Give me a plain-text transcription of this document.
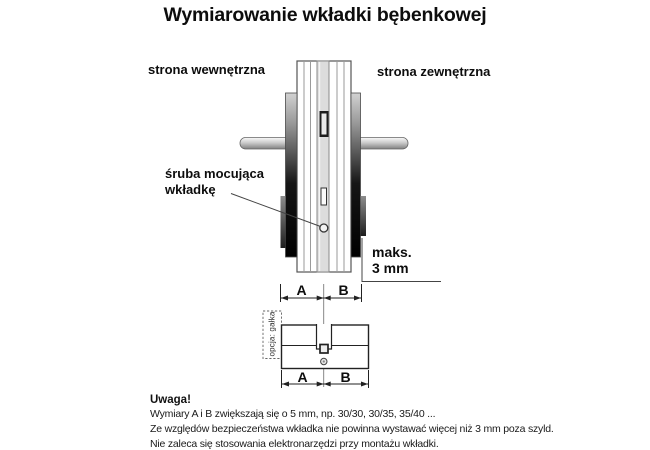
Wymiarowanie wkładki bębenkowej
strona wewnętrzna	strona zewnętrzna
śruba mocująca
wkładkę
maks.
3 mm
A B
opcja: gałka
A B
Uwaga!
Wymiary A i B zwiększają się o 5 mm, np. 30/30, 30/35, 35/40 ...
Ze względów bezpieczeństwa wkładka nie powinna wystawać więcej niż 3 mm poza szyld.
Nie zaleca się stosowania elektronarzędzi przy montażu wkładki.
